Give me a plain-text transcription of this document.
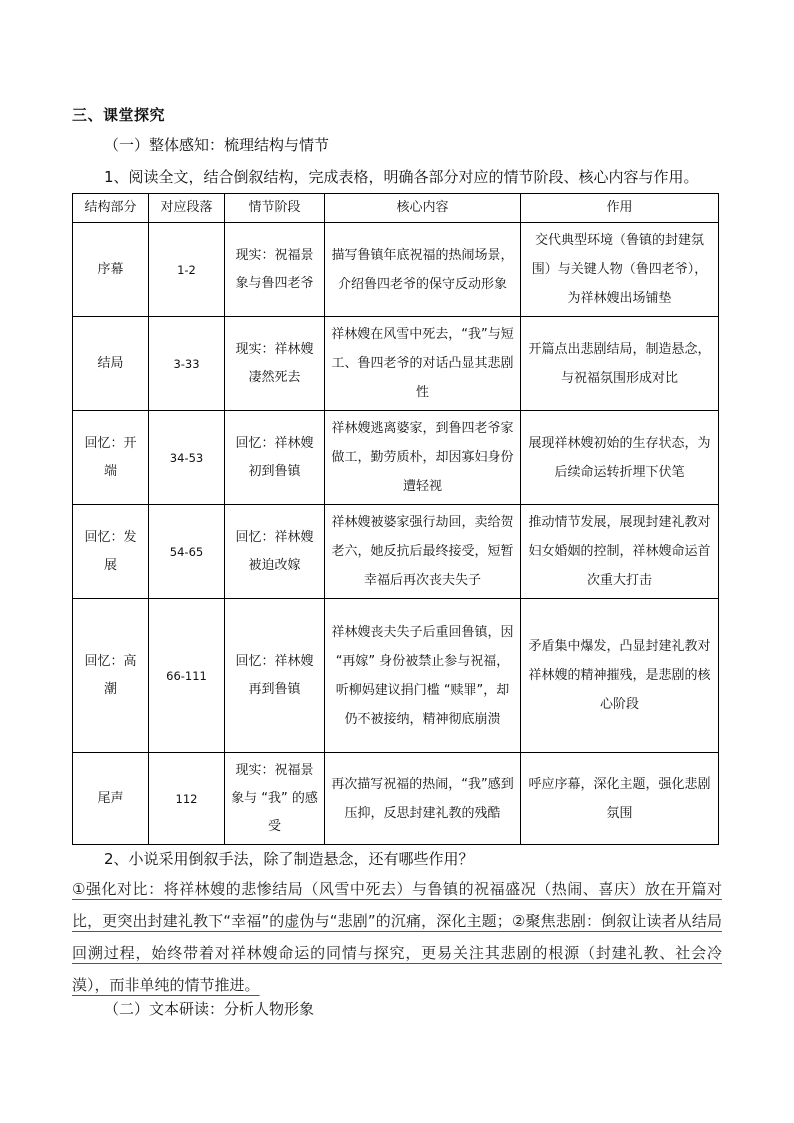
三、课堂探究
（一）整体感知：梳理结构与情节
1、阅读全文，结合倒叙结构，完成表格，明确各部分对应的情节阶段、核心内容与作用。
结构部分	对应段落	情节阶段	核心内容	作用
序幕	1-2	现实：祝福景象与鲁四老爷	描写鲁镇年底祝福的热闹场景，介绍鲁四老爷的保守反动形象	交代典型环境（鲁镇的封建氛围）与关键人物（鲁四老爷），为祥林嫂出场铺垫
结局	3-33	现实：祥林嫂凄然死去	祥林嫂在风雪中死去，“我”与短工、鲁四老爷的对话凸显其悲剧性	开篇点出悲剧结局，制造悬念，与祝福氛围形成对比
回忆：开端	34-53	回忆：祥林嫂初到鲁镇	祥林嫂逃离婆家，到鲁四老爷家做工，勤劳质朴，却因寡妇身份遭轻视	展现祥林嫂初始的生存状态，为后续命运转折埋下伏笔
回忆：发展	54-65	回忆：祥林嫂被迫改嫁	祥林嫂被婆家强行劫回，卖给贺老六，她反抗后最终接受，短暂幸福后再次丧夫失子	推动情节发展，展现封建礼教对妇女婚姻的控制，祥林嫂命运首次重大打击
回忆：高潮	66-111	回忆：祥林嫂再到鲁镇	祥林嫂丧夫失子后重回鲁镇，因 “再嫁” 身份被禁止参与祝福，听柳妈建议捐门槛 “赎罪”，却仍不被接纳，精神彻底崩溃	矛盾集中爆发，凸显封建礼教对祥林嫂的精神摧残，是悲剧的核心阶段
尾声	112	现实：祝福景象与 “我” 的感受	再次描写祝福的热闹，“我”感到压抑，反思封建礼教的残酷	呼应序幕，深化主题，强化悲剧氛围
2、小说采用倒叙手法，除了制造悬念，还有哪些作用？
①强化对比：将祥林嫂的悲惨结局（风雪中死去）与鲁镇的祝福盛况（热闹、喜庆）放在开篇对比，更突出封建礼教下“幸福”的虚伪与“悲剧”的沉痛，深化主题；②聚焦悲剧：倒叙让读者从结局回溯过程，始终带着对祥林嫂命运的同情与探究，更易关注其悲剧的根源（封建礼教、社会冷漠），而非单纯的情节推进。
（二）文本研读：分析人物形象
